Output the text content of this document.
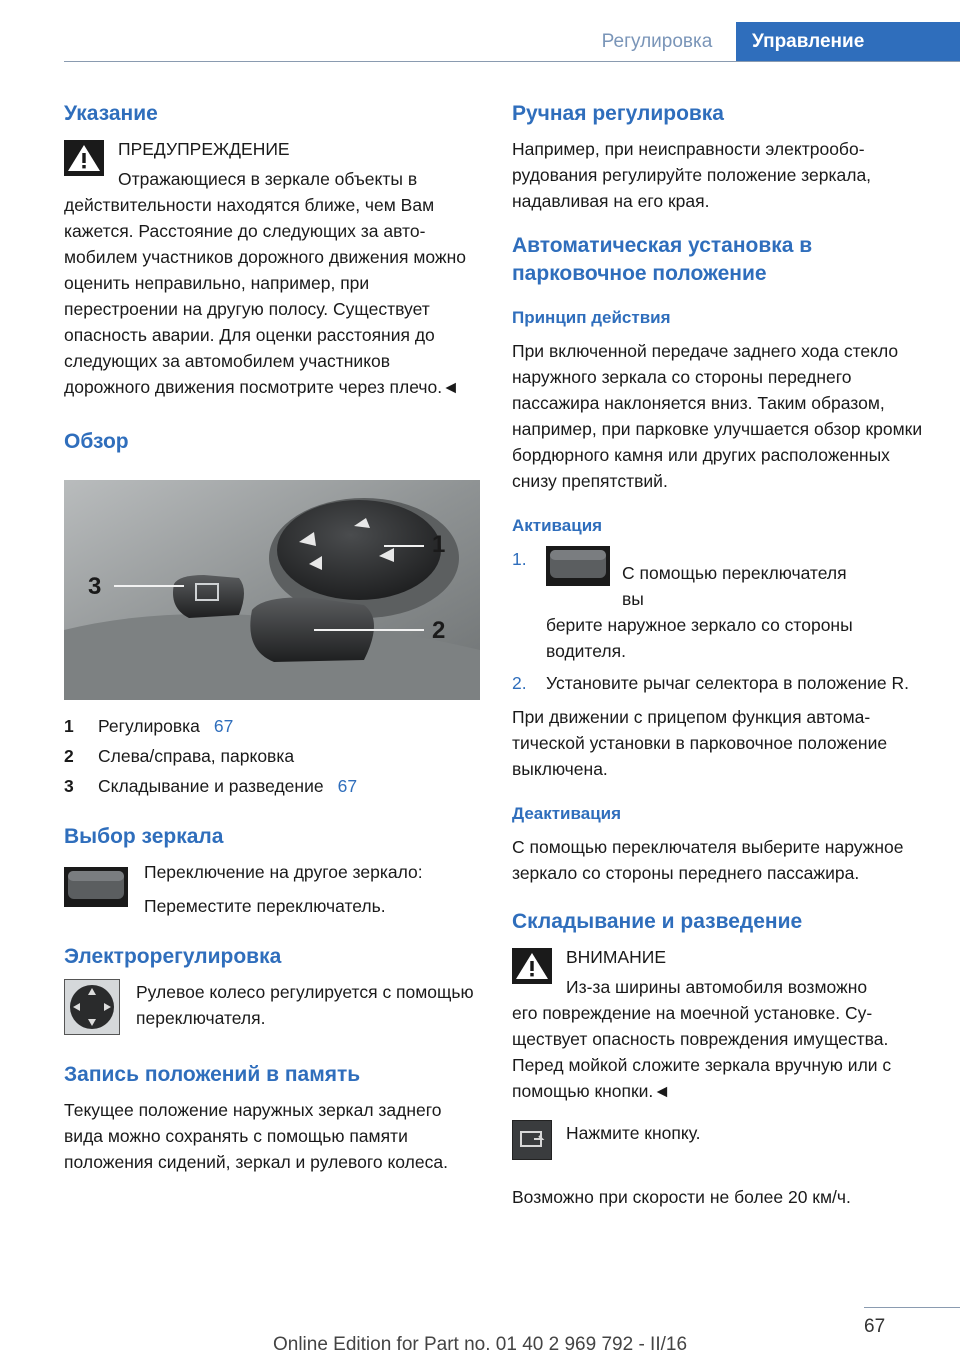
Регулировка	Управление
Указание

ПРЕДУПРЕЖДЕНИЕ

Отражающиеся в зеркале объекты в

действительности находятся ближе, чем Вам кажется. Расстояние до следующих за автомобилем участников дорожного движения можно оценить неправильно, например, при перестроении на другую полосу. Существует опасность аварии. Для оценки расстояния до следующих за автомобилем участников дорожного движения посмотрите через плечо.◄

Обзор
1
2
3
1	Регулировка 67
2	Слева/справа, парковка
3	Складывание и разведение 67
Выбор зеркала

Переключение на другое зеркало:

Переместите переключатель.

Электрорегулировка

Рулевое колесо регулируется с помощью переключателя.

Запись положений в память

Текущее положение наружных зеркал заднего вида можно сохранять с помощью памяти положения сидений, зеркал и рулевого колеса.

Ручная регулировка

Например, при неисправности электрооборудования регулируйте положение зеркала, надавливая на его края.

Автоматическая установка в парковочное положение
Принцип действия

При включенной передаче заднего хода стекло наружного зеркала со стороны переднего пассажира наклоняется вниз. Таким образом, например, при парковке улучшается обзор кромки бордюрного камня или других расположенных снизу препятствий.

Активация
1.
С помощью переключателя вы
берите наружное зеркало со стороны водителя.
2.	Установите рычаг селектора в положение R.

При движении с прицепом функция автоматической установки в парковочное положение выключена.

Деактивация

С помощью переключателя выберите наружное зеркало со стороны переднего пассажира.

Складывание и разведение

ВНИМАНИЕ

Из-за ширины автомобиля возможно

его повреждение на моечной установке. Существует опасность повреждения имущества. Перед мойкой сложите зеркала вручную или с помощью кнопки.◄

Нажмите кнопку.

Возможно при скорости не более 20 км/ч.

67
Online Edition for Part no. 01 40 2 969 792 - II/16
